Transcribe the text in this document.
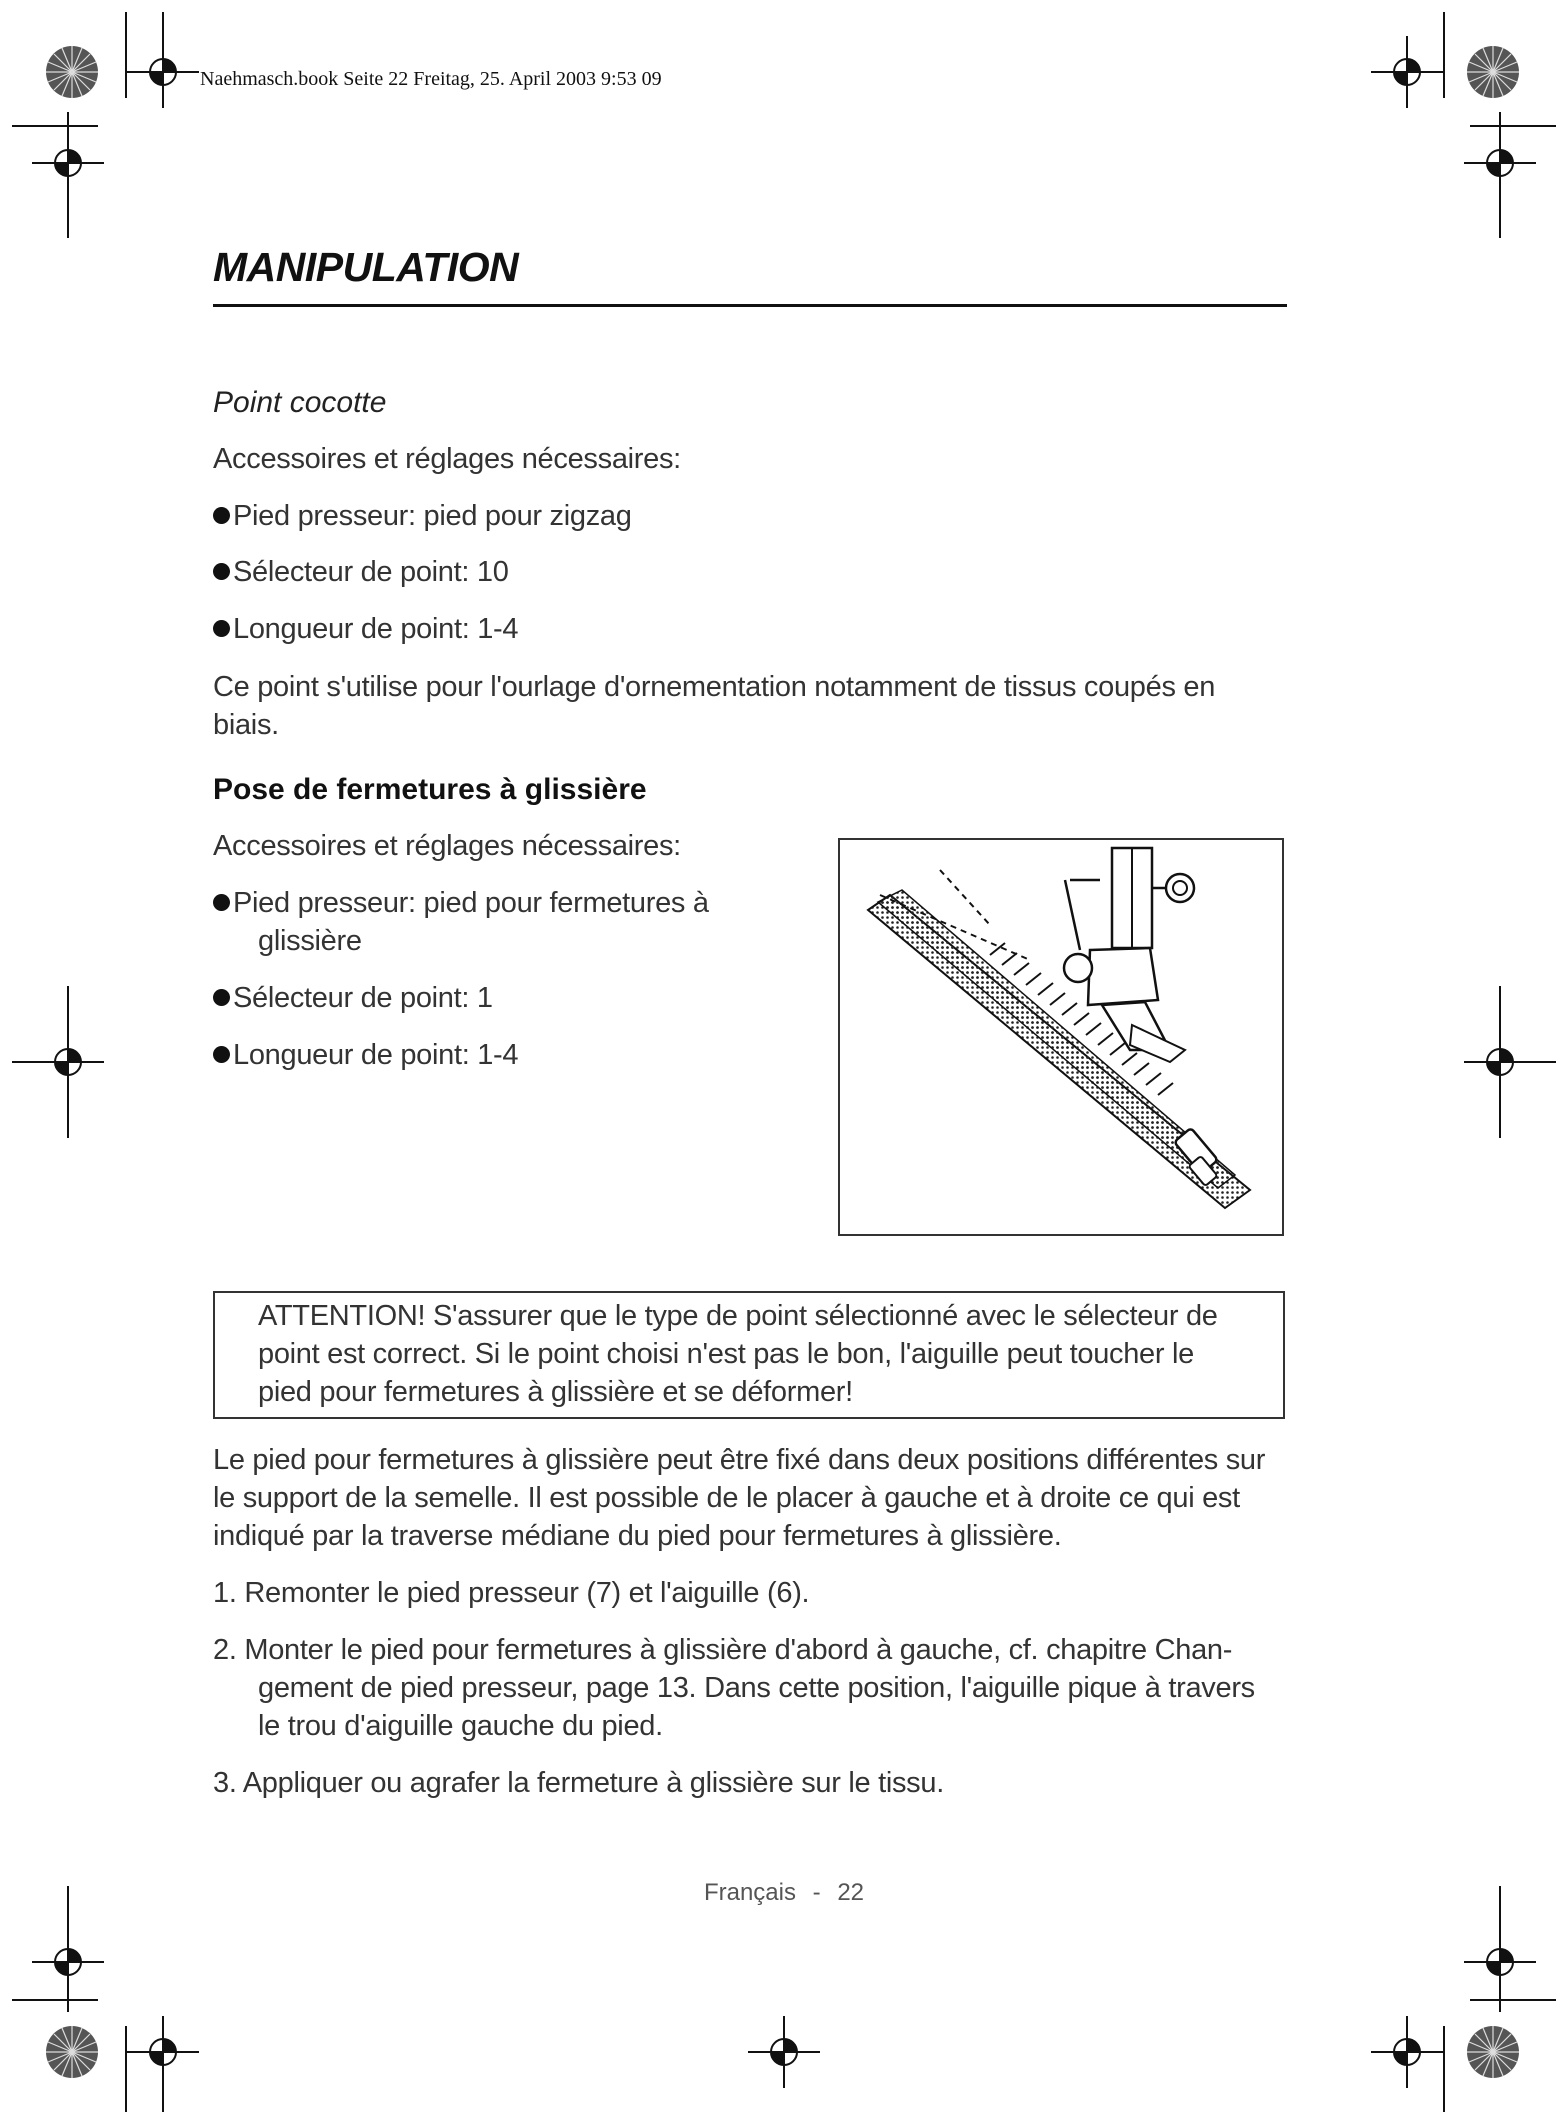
Naehmasch.book Seite 22 Freitag, 25. April 2003 9:53 09
MANIPULATION
Point cocotte
Accessoires et réglages nécessaires:
Pied presseur: pied pour zigzag
Sélecteur de point: 10
Longueur de point: 1-4
Ce point s'utilise pour l'ourlage d'ornementation notamment de tissus coupés en
biais.
Pose de fermetures à glissière
Accessoires et réglages nécessaires:
Pied presseur: pied pour fermetures à
glissière
Sélecteur de point: 1
Longueur de point: 1-4
ATTENTION! S'assurer que le type de point sélectionné avec le sélecteur de
point est correct. Si le point choisi n'est pas le bon, l'aiguille peut toucher le
pied pour fermetures à glissière et se déformer!
Le pied pour fermetures à glissière peut être fixé dans deux positions différentes sur
le support de la semelle. Il est possible de le placer à gauche et à droite ce qui est
indiqué par la traverse médiane du pied pour fermetures à glissière.
1. Remonter le pied presseur (7) et l'aiguille (6).
2. Monter le pied pour fermetures à glissière d'abord à gauche, cf. chapitre Chan-
gement de pied presseur, page 13. Dans cette position, l'aiguille pique à travers
le trou d'aiguille gauche du pied.
3. Appliquer ou agrafer la fermeture à glissière sur le tissu.
Français - 22
